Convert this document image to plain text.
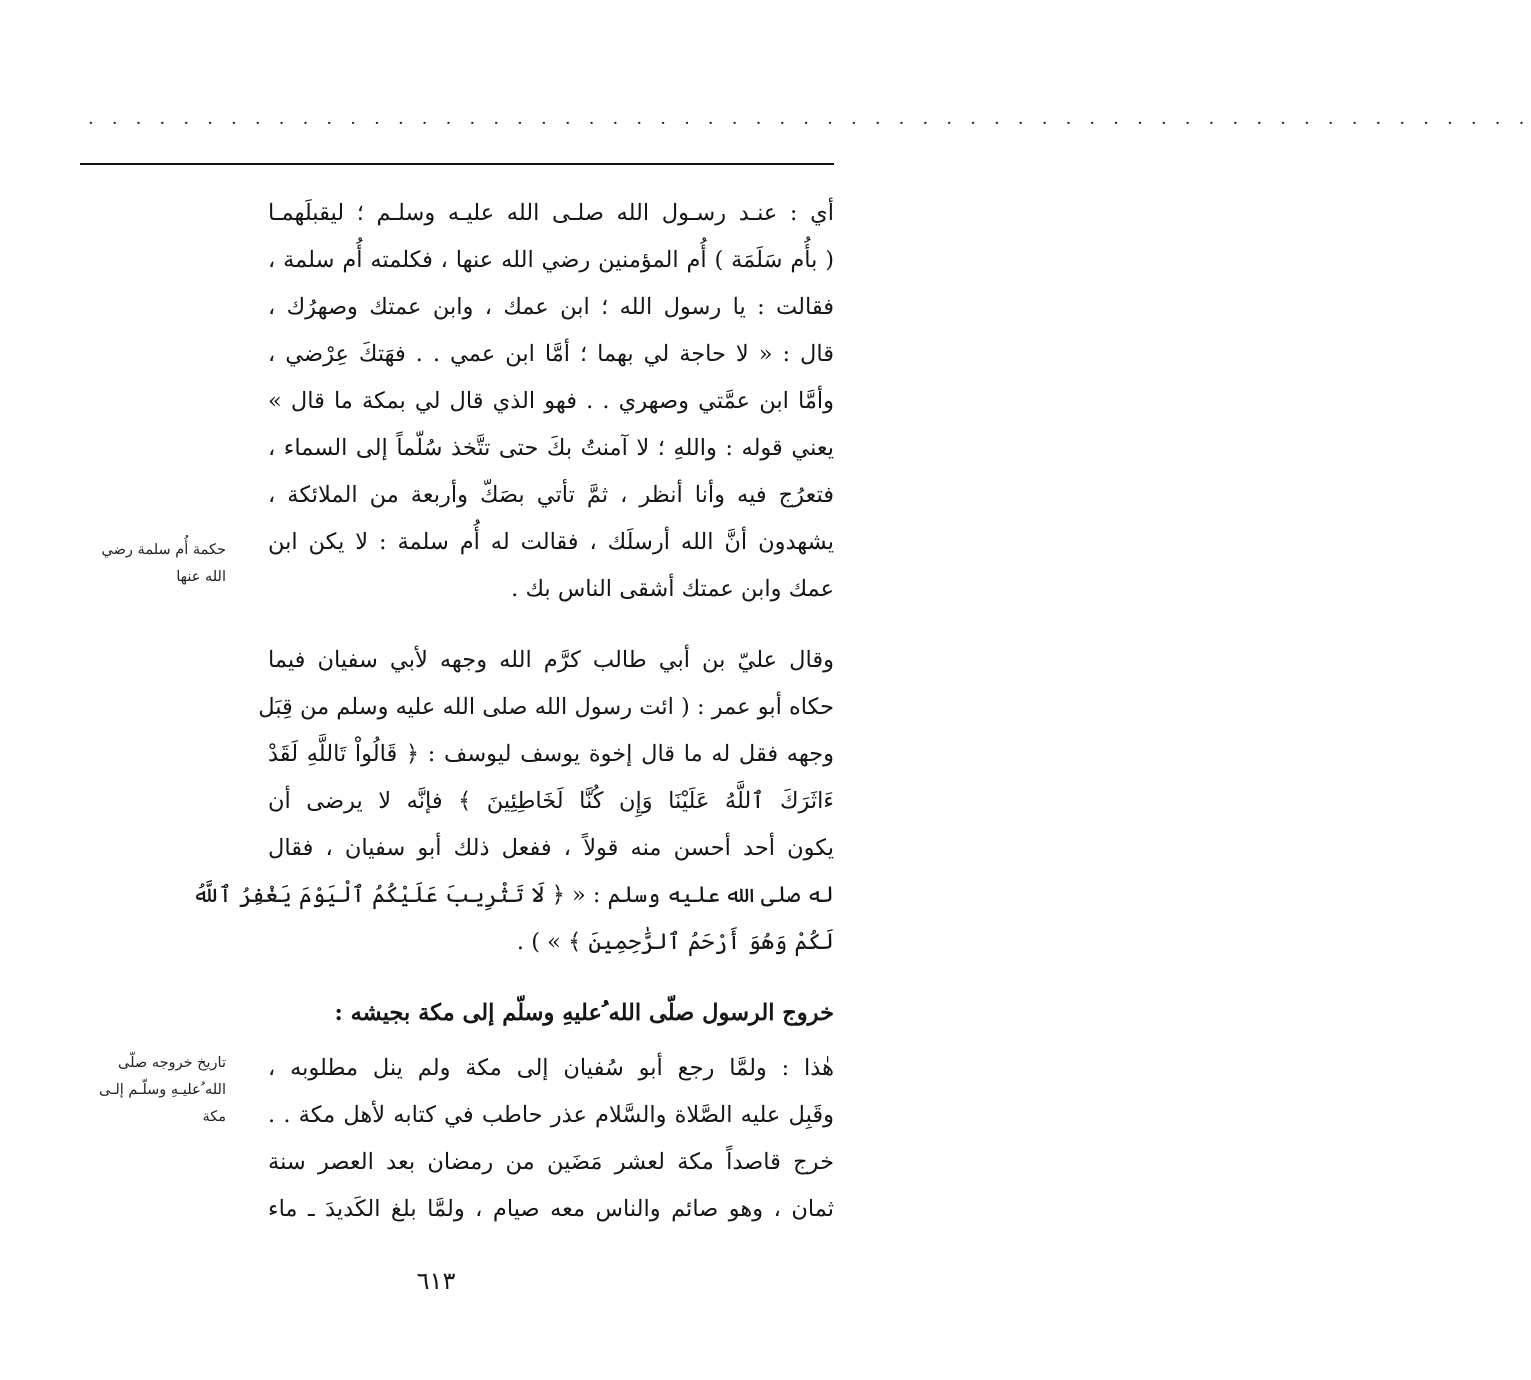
· · · · · · · · · · · · · · · · · · · · · · · · · · · · · · · · · · · · · · · · · · · · · · · · · · · · · · · · · · · · ·
أي : عنـد رسـول الله صلـى الله عليـه وسلـم ؛ ليقبلَهمـا
( بأُم سَلَمَة ) أُم المؤمنين رضي الله عنها ، فكلمته أُم سلمة ،
فقالت : يا رسول الله ؛ ابن عمك ، وابن عمتك وصهرُك ،
قال : « لا حاجة لي بهما ؛ أمَّا ابن عمي . . فهَتكَ عِرْضي ،
وأمَّا ابن عمَّتي وصهري . . فهو الذي قال لي بمكة ما قال »
يعني قوله : واللهِ ؛ لا آمنتُ بكَ حتى تتَّخذ سُلّماً إلى السماء ،
فتعرُج فيه وأنا أنظر ، ثمَّ تأتي بصَكّ وأربعة من الملائكة ،
يشهدون أنَّ الله أرسلَك ، فقالت له أُم سلمة : لا يكن ابن
عمك وابن عمتك أشقى الناس بك .
وقال عليّ بن أبي طالب كرَّم الله وجهه لأبي سفيان فيما
حكاه أبو عمر : ( ائت رسول الله صلى الله عليه وسلم من قِبَل
وجهه فقل له ما قال إخوة يوسف ليوسف : ﴿ قَالُواْ تَاللَّهِ لَقَدْ
ءَاثَرَكَ ٱللَّهُ عَلَيْنَا وَإِن كُنَّا لَخَاطِئِينَ ﴾ فإنَّه لا يرضى أن
يكون أحد أحسن منه قولاً ، ففعل ذلك أبو سفيان ، فقال
له صلى الله عليه وسلم : « ﴿ لَا تَثْرِيبَ عَلَيْكُمُ ٱلْيَوْمَ يَغْفِرُ ٱللَّهُ
لَكُمْ وَهُوَ أَرْحَمُ ٱلرَّٰحِمِينَ ﴾ » ) .
خروج الرسول صلّى الله ُعليهِ وسلّم إلى مكة بجيشه :
هٰذا : ولمَّا رجع أبو سُفيان إلى مكة ولم ينل مطلوبه ،
وقَبِل عليه الصَّلاة والسَّلام عذر حاطب في كتابه لأهل مكة . .
خرج قاصداً مكة لعشر مَضَين من رمضان بعد العصر سنة
ثمان ، وهو صائم والناس معه صيام ، ولمَّا بلغ الكَديدَ ـ ماء
حكمة أُم سلمة رضي
الله عنها
تاريخ خروجه صلّى
الله ُعليـهِ وسلّـم إلـى
مكة
٦١٣
